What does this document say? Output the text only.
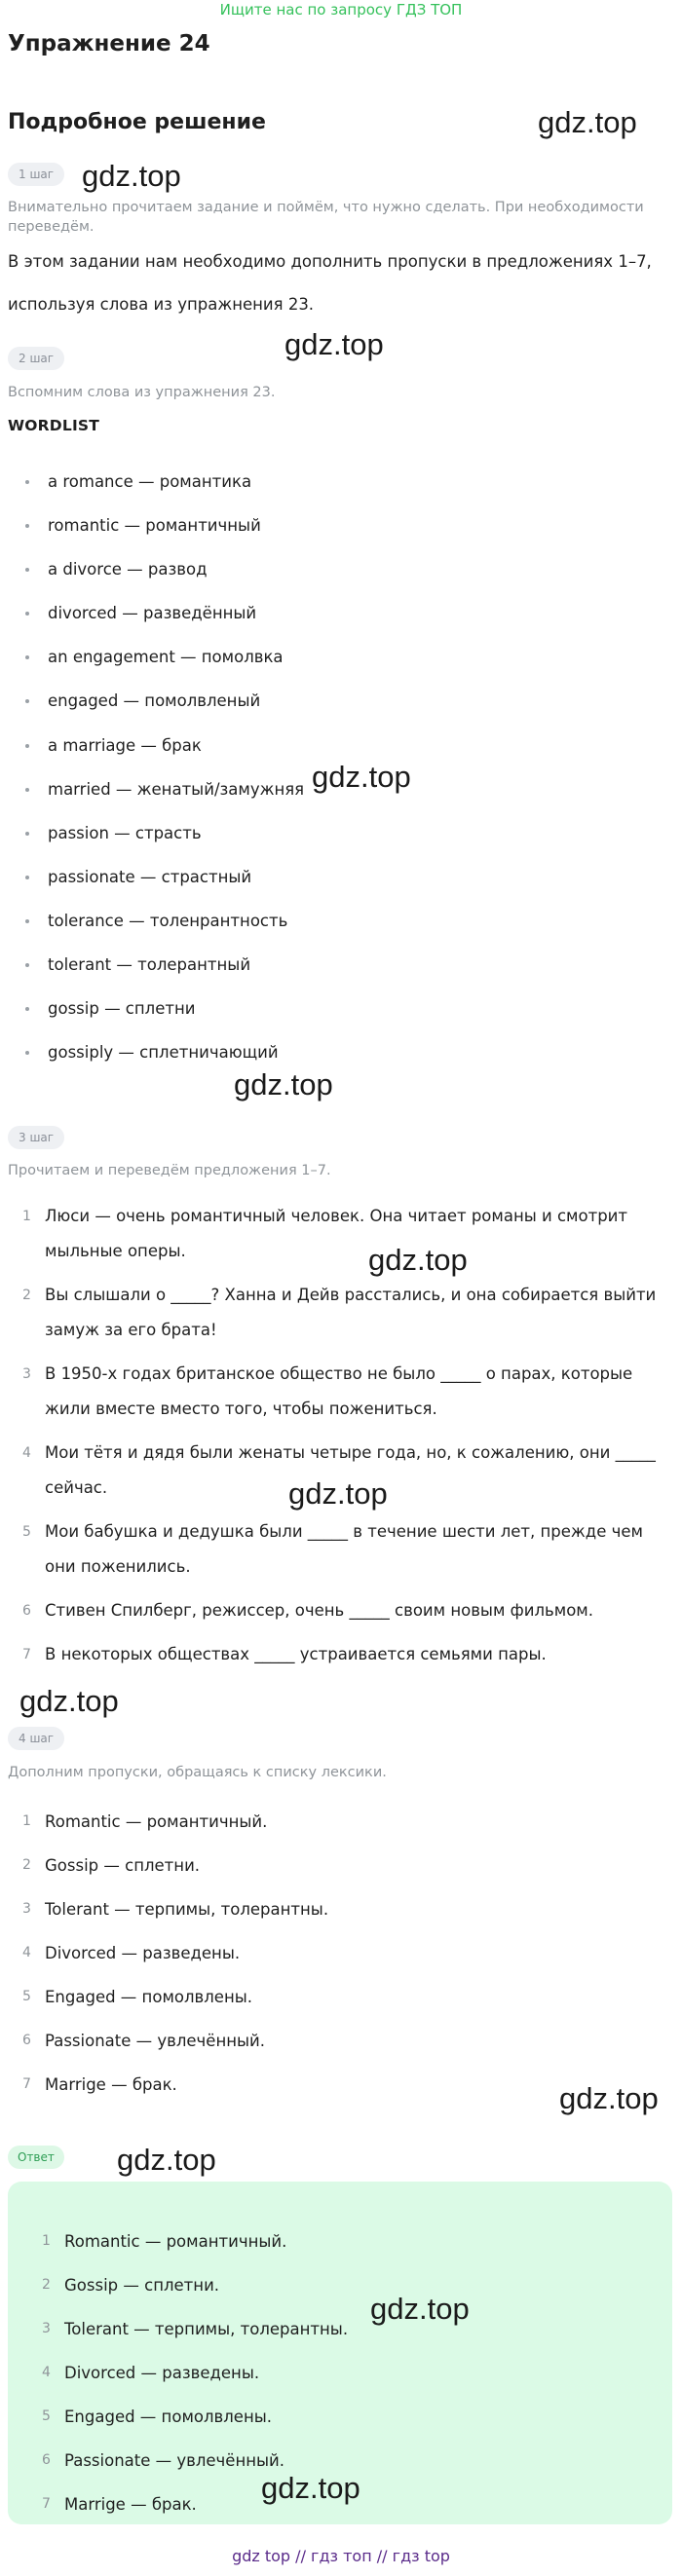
Ищите нас по запросу ГДЗ ТОП
Упражнение 24
Подробное решение
1 шаг
Внимательно прочитаем задание и поймём, что нужно сделать. При необходимости переведём.
В этом задании нам необходимо дополнить пропуски в предложениях 1–7, используя слова из упражнения 23.
2 шаг
Вспомним слова из упражнения 23.
WORDLIST
a romance — романтика
romantic — романтичный
a divorce — развод
divorced — разведённый
an engagement — помолвка
engaged — помолвленый
a marriage — брак
married — женатый/замужняя
passion — страсть
passionate — страстный
tolerance — толенрантность
tolerant — толерантный
gossip — сплетни
gossiply — сплетничающий
3 шаг
Прочитаем и переведём предложения 1–7.
1 Люси — очень романтичный человек. Она читает романы и смотрит мыльные оперы.
2 Вы слышали о _____? Ханна и Дейв расстались, и она собирается выйти замуж за его брата!
3 В 1950-х годах британское общество не было _____ о парах, которые жили вместе вместо того, чтобы пожениться.
4 Мои тётя и дядя были женаты четыре года, но, к сожалению, они _____ сейчас.
5 Мои бабушка и дедушка были _____ в течение шести лет, прежде чем они поженились.
6 Стивен Спилберг, режиссер, очень _____ своим новым фильмом.
7 В некоторых обществах _____ устраивается семьями пары.
4 шаг
Дополним пропуски, обращаясь к списку лексики.
1 Romantic — романтичный.
2 Gossip — сплетни.
3 Tolerant — терпимы, толерантны.
4 Divorced — разведены.
5 Engaged — помолвлены.
6 Passionate — увлечённый.
7 Marrige — брак.
Ответ
1 Romantic — романтичный.
2 Gossip — сплетни.
3 Tolerant — терпимы, толерантны.
4 Divorced — разведены.
5 Engaged — помолвлены.
6 Passionate — увлечённый.
7 Marrige — брак.
gdz.top
gdz.top
gdz.top
gdz.top
gdz.top
gdz.top
gdz.top
gdz.top
gdz.top
gdz.top
gdz.top
gdz.top
gdz top // гдз топ // гдз top
